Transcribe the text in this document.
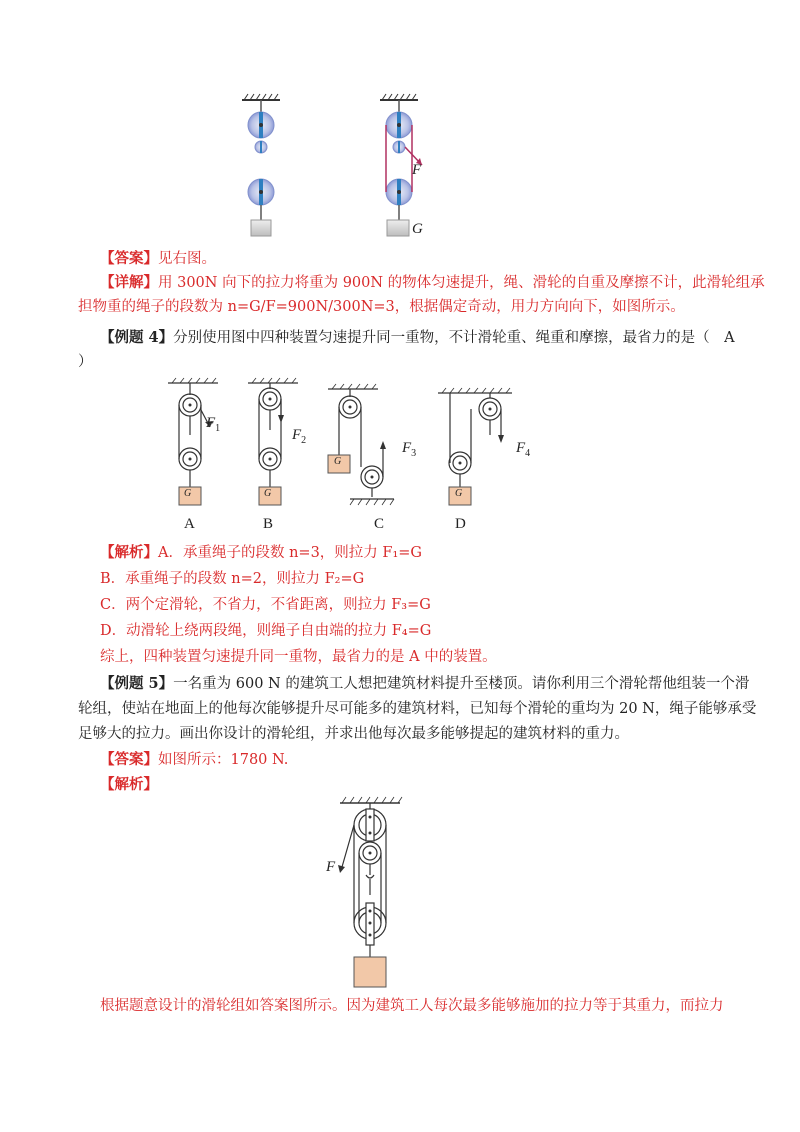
F
G
【答案】见右图。
【详解】用 300N 向下的拉力将重为 900N 的物体匀速提升，绳、滑轮的自重及摩擦不计，此滑轮组承
担物重的绳子的段数为 n=G/F=900N/300N=3，根据偶定奇动，用力方向向下，如图所示。
【例题 4】分别使用图中四种装置匀速提升同一重物，不计滑轮重、绳重和摩擦，最省力的是（　A
）
G	G
G
G
$F_1$	$F_2$	$F_3$	$F_4$
A	B	C	D
【解析】A．承重绳子的段数 n=3，则拉力 F₁=G
B．承重绳子的段数 n=2，则拉力 F₂=G
C．两个定滑轮，不省力，不省距离，则拉力 F₃=G
D．动滑轮上绕两段绳，则绳子自由端的拉力 F₄=G
综上，四种装置匀速提升同一重物，最省力的是 A 中的装置。
【例题 5】一名重为 600 N 的建筑工人想把建筑材料提升至楼顶。请你利用三个滑轮帮他组装一个滑
轮组，使站在地面上的他每次能够提升尽可能多的建筑材料，已知每个滑轮的重均为 20 N，绳子能够承受
足够大的拉力。画出你设计的滑轮组，并求出他每次最多能够提起的建筑材料的重力。
【答案】如图所示：1780 N.
【解析】
F
根据题意设计的滑轮组如答案图所示。因为建筑工人每次最多能够施加的拉力等于其重力，而拉力
